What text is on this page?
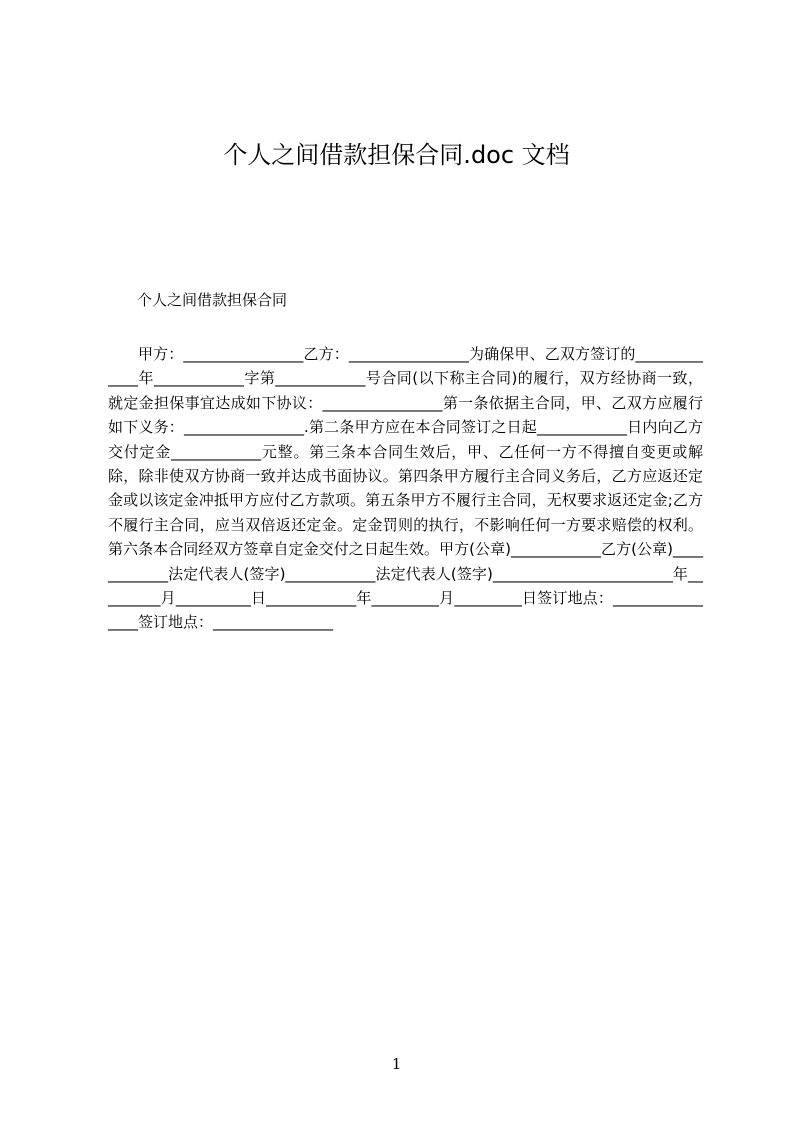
个人之间借款担保合同.doc 文档

个人之间借款担保合同

甲方：________________乙方：________________为确保甲、乙双方签订的_____________年____________字第____________号合同(以下称主合同)的履行，双方经协商一致，就定金担保事宜达成如下协议：________________第一条依据主合同，甲、乙双方应履行如下义务：________________.第二条甲方应在本合同签订之日起____________日内向乙方交付定金____________元整。第三条本合同生效后，甲、乙任何一方不得擅自变更或解除，除非使双方协商一致并达成书面协议。第四条甲方履行主合同义务后，乙方应返还定金或以该定金冲抵甲方应付乙方款项。第五条甲方不履行主合同，无权要求返还定金;乙方不履行主合同，应当双倍返还定金。定金罚则的执行，不影响任何一方要求赔偿的权利。第六条本合同经双方签章自定金交付之日起生效。甲方(公章)____________乙方(公章)____________法定代表人(签字)____________法定代表人(签字)________________________年_________月__________日____________年_________月_________日签订地点：________________签订地点：________________

1
